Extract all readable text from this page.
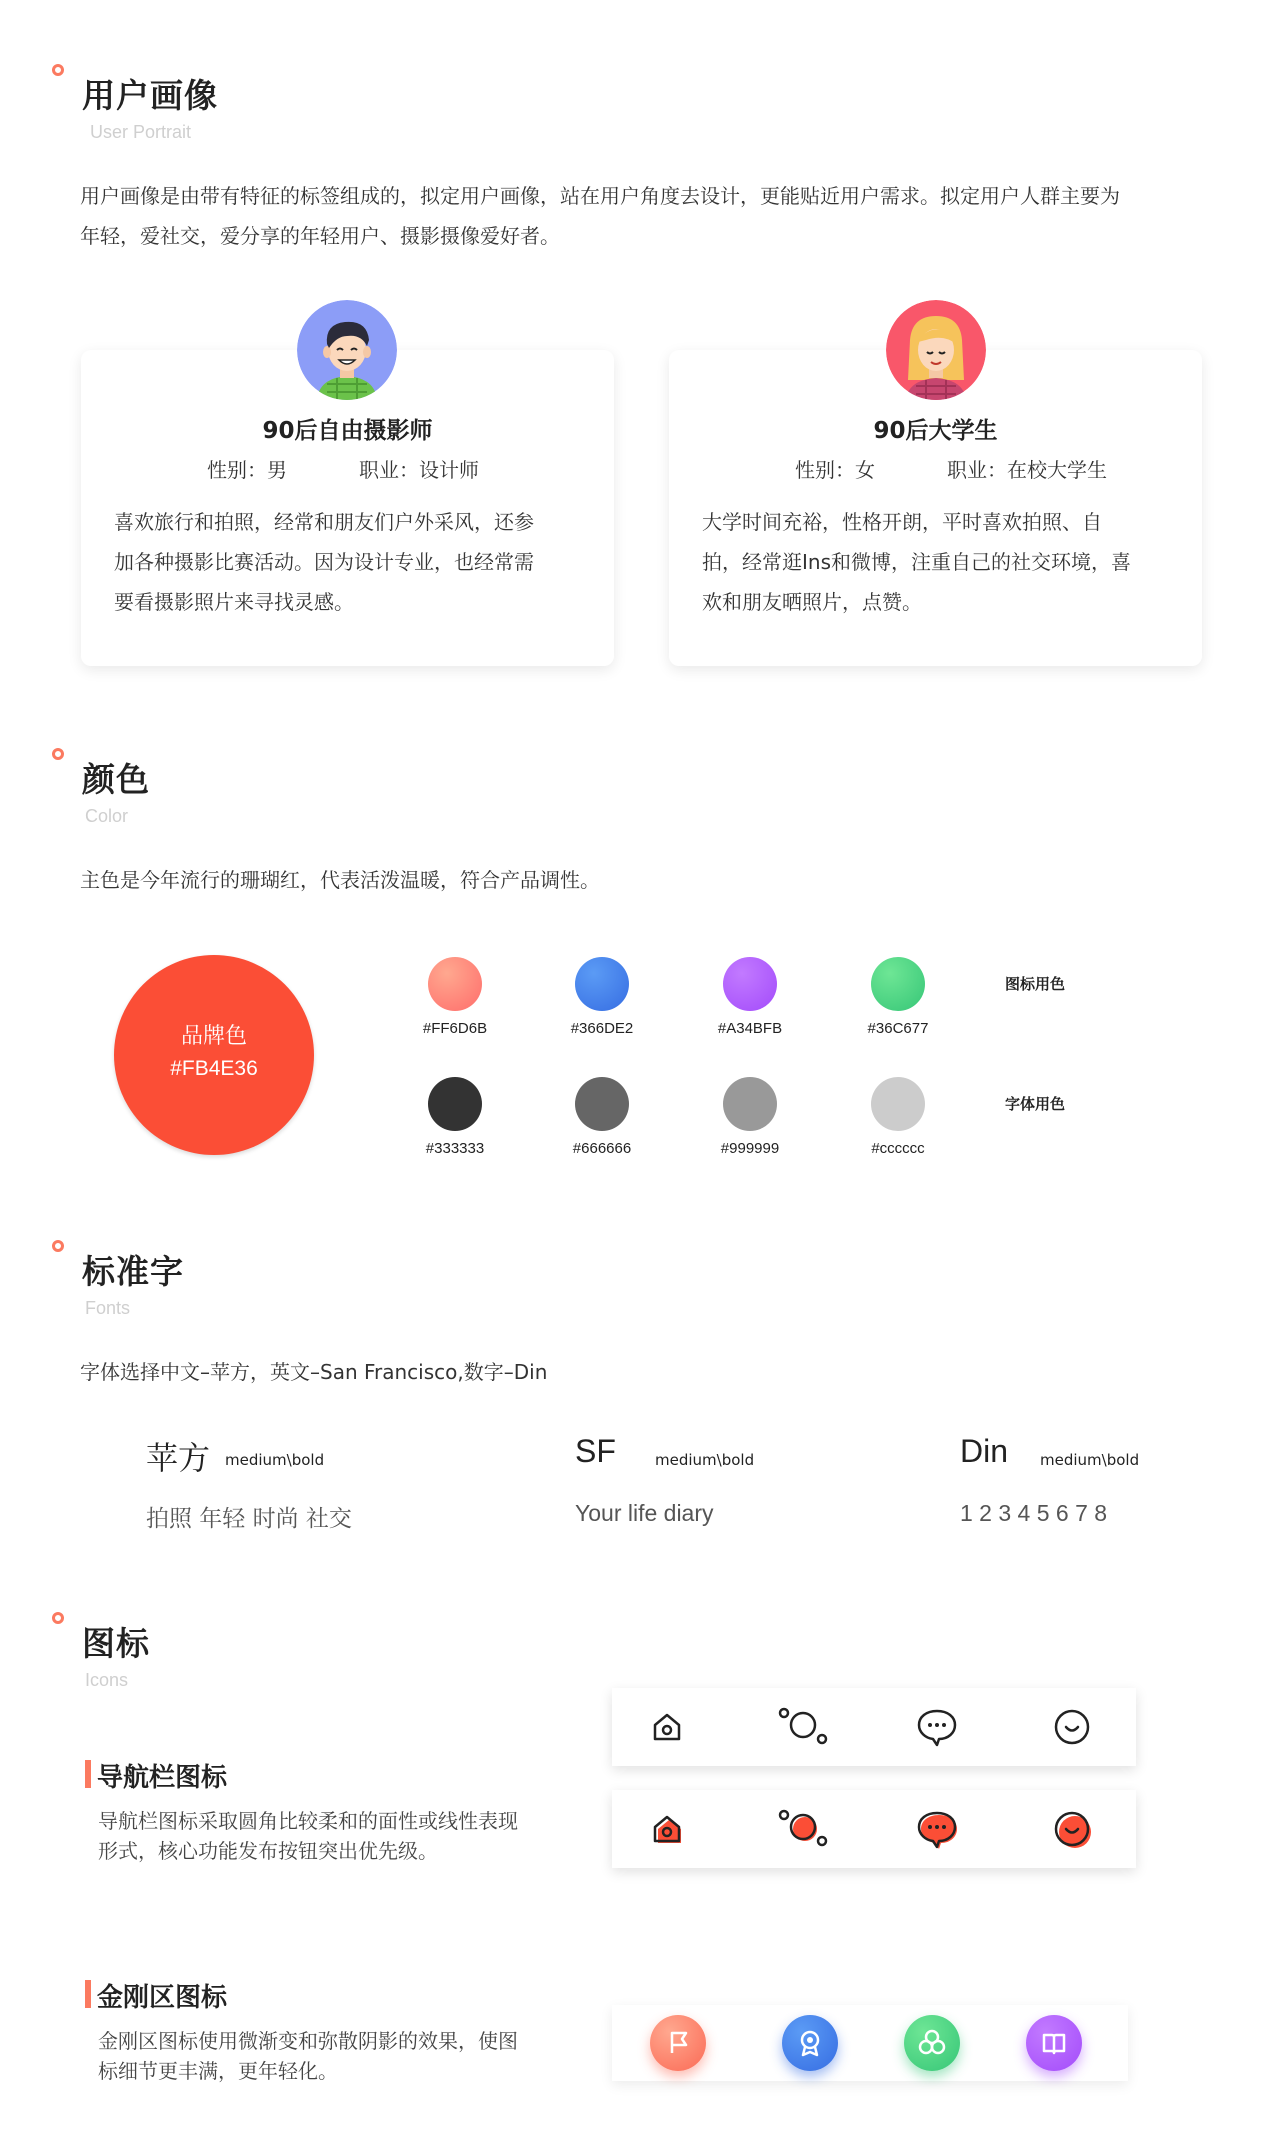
用户画像
User Portrait
用户画像是由带有特征的标签组成的，拟定用户画像，站在用户角度去设计，更能贴近用户需求。拟定用户人群主要为
年轻，爱社交，爱分享的年轻用户、摄影摄像爱好者。
90后自由摄影师
性别：男	职业：设计师
喜欢旅行和拍照，经常和朋友们户外采风，还参
加各种摄影比赛活动。因为设计专业，也经常需
要看摄影照片来寻找灵感。
90后大学生
性别：女	职业：在校大学生
大学时间充裕，性格开朗，平时喜欢拍照、自
拍，经常逛Ins和微博，注重自己的社交环境，喜
欢和朋友晒照片，点赞。
颜色
Color
主色是今年流行的珊瑚红，代表活泼温暖，符合产品调性。
品牌色
#FB4E36
#FF6D6B	#366DE2	#A34BFB	#36C677
图标用色
#333333	#666666	#999999	#cccccc
字体用色
标准字
Fonts
字体选择中文–苹方，英文–San Francisco,数字–Din
苹方 medium\bold
拍照 年轻 时尚 社交
SF	medium\bold
Your life diary
Din medium\bold
1 2 3 4 5 6 7 8
图标
Icons
导航栏图标
导航栏图标采取圆角比较柔和的面性或线性表现
形式，核心功能发布按钮突出优先级。
金刚区图标
金刚区图标使用微渐变和弥散阴影的效果，使图
标细节更丰满，更年轻化。
